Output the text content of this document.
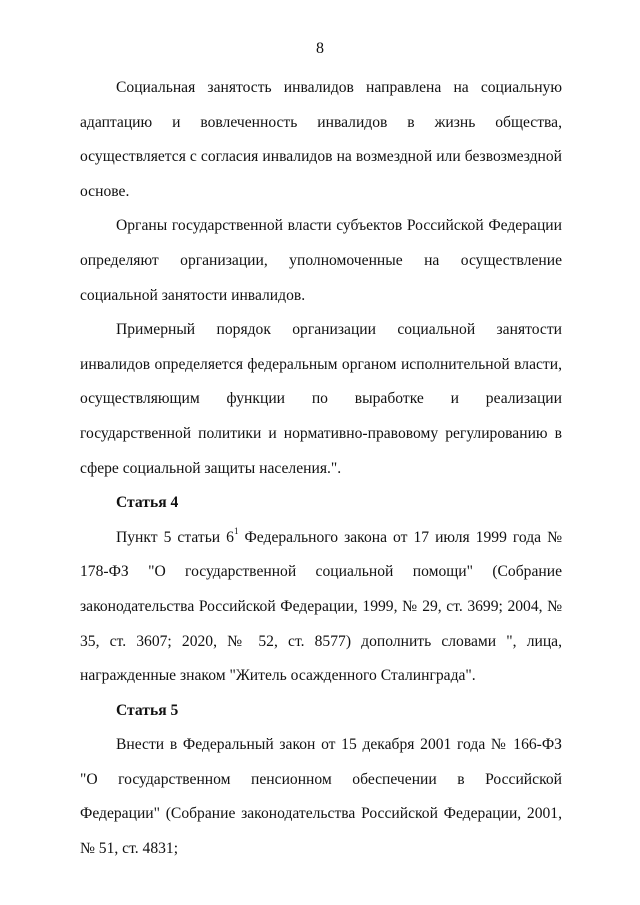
8

Социальная занятость инвалидов направлена на социальную адаптацию и вовлеченность инвалидов в жизнь общества, осуществляется с согласия инвалидов на возмездной или безвозмездной основе.

Органы государственной власти субъектов Российской Федерации определяют организации, уполномоченные на осуществление социальной занятости инвалидов.

Примерный порядок организации социальной занятости инвалидов определяется федеральным органом исполнительной власти, осуществляющим функции по выработке и реализации государственной политики и нормативно-правовому регулированию в сфере социальной защиты населения.".

Статья 4

Пункт 5 статьи $6^1$ Федерального закона от 17 июля 1999 года № 178-ФЗ "О государственной социальной помощи" (Собрание законодательства Российской Федерации, 1999, № 29, ст. 3699; 2004, № 35, ст. 3607; 2020, № 52, ст. 8577) дополнить словами ", лица, награжденные знаком "Житель осажденного Сталинграда".

Статья 5

Внести в Федеральный закон от 15 декабря 2001 года № 166-ФЗ "О государственном пенсионном обеспечении в Российской Федерации" (Собрание законодательства Российской Федерации, 2001, № 51, ст. 4831;
